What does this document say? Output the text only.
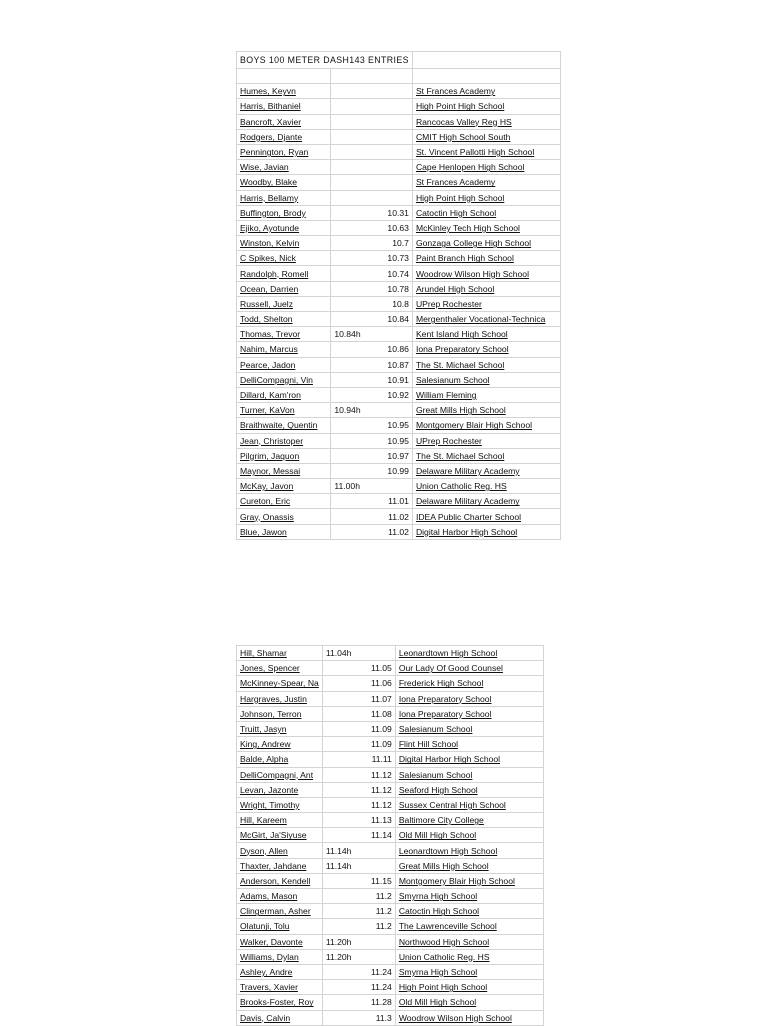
BOYS 100 METER DASH143 ENTRIES		

Humes, Keyvn		St Frances Academy
Harris, Bithaniel		High Point High School
Bancroft, Xavier		Rancocas Valley Reg HS
Rodgers, Djante		CMIT High School South
Pennington, Ryan		St. Vincent Pallotti High School
Wise, Javian		Cape Henlopen High School
Woodby, Blake		St Frances Academy
Harris, Bellamy		High Point High School
Buffington, Brody	10.31	Catoctin High School
Ejiko, Ayotunde	10.63	McKinley Tech High School
Winston, Kelvin	10.7	Gonzaga College High School
C Spikes, Nick	10.73	Paint Branch High School
Randolph, Romell	10.74	Woodrow Wilson High School
Ocean, Darrien	10.78	Arundel High School
Russell, Juelz	10.8	UPrep Rochester
Todd, Shelton	10.84	Mergenthaler Vocational-Technica
Thomas, Trevor	10.84h	Kent Island High School
Nahim, Marcus	10.86	Iona Preparatory School
Pearce, Jadon	10.87	The St. Michael School
DelliCompagni, Vin	10.91	Salesianum School
Dillard, Kam'ron	10.92	William Fleming
Turner, KaVon	10.94h	Great Mills High School
Braithwaite, Quentin	10.95	Montgomery Blair High School
Jean, Christoper	10.95	UPrep Rochester
Pilgrim, Jaquon	10.97	The St. Michael School
Maynor, Messai	10.99	Delaware Military Academy
McKay, Javon	11.00h	Union Catholic Reg. HS
Cureton, Eric	11.01	Delaware Military Academy
Gray, Onassis	11.02	IDEA Public Charter School
Blue, Jawon	11.02	Digital Harbor High School
Hill, Shamar	11.04h	Leonardtown High School
Jones, Spencer	11.05	Our Lady Of Good Counsel
McKinney-Spear, Na	11.06	Frederick High School
Hargraves, Justin	11.07	Iona Preparatory School
Johnson, Terron	11.08	Iona Preparatory School
Truitt, Jasyn	11.09	Salesianum School
King, Andrew	11.09	Flint Hill School
Balde, Alpha	11.11	Digital Harbor High School
DelliCompagni, Ant	11.12	Salesianum School
Levan, Jazonte	11.12	Seaford High School
Wright, Timothy	11.12	Sussex Central High School
Hill, Kareem	11.13	Baltimore City College
McGirt, Ja'Siyuse	11.14	Old Mill High School
Dyson, Allen	11.14h	Leonardtown High School
Thaxter, Jahdane	11.14h	Great Mills High School
Anderson, Kendell	11.15	Montgomery Blair High School
Adams, Mason	11.2	Smyrna High School
Clingerman, Asher	11.2	Catoctin High School
Olatunji, Tolu	11.2	The Lawrenceville School
Walker, Davonte	11.20h	Northwood High School
Williams, Dylan	11.20h	Union Catholic Reg. HS
Ashley, Andre	11.24	Smyrna High School
Travers, Xavier	11.24	High Point High School
Brooks-Foster, Roy	11.28	Old Mill High School
Davis, Calvin	11.3	Woodrow Wilson High School
